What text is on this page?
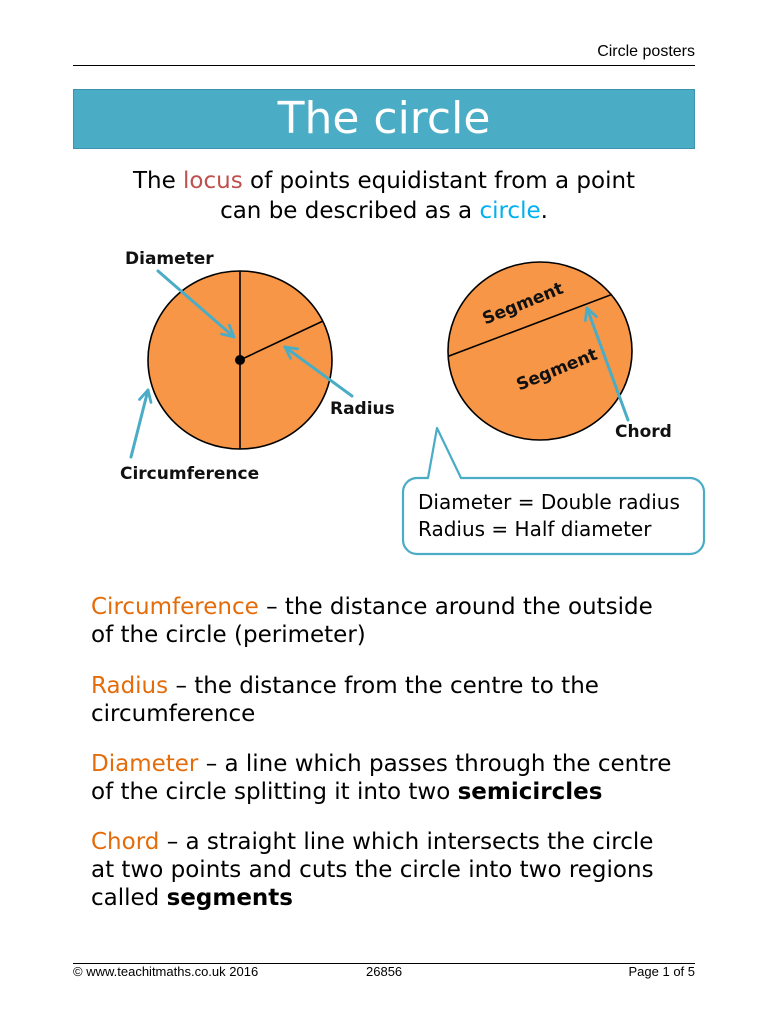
Circle posters
The circle
The locus of points equidistant from a point
can be described as a circle.
Diameter
Radius
Circumference
Segment
Segment
Chord
Diameter = Double radius
Radius = Half diameter

Circumference – the distance around the outside
of the circle (perimeter)

Radius – the distance from the centre to the
circumference

Diameter – a line which passes through the centre
of the circle splitting it into two semicircles

Chord – a straight line which intersects the circle
at two points and cuts the circle into two regions
called segments

© www.teachitmaths.co.uk 2016	26856	Page 1 of 5
